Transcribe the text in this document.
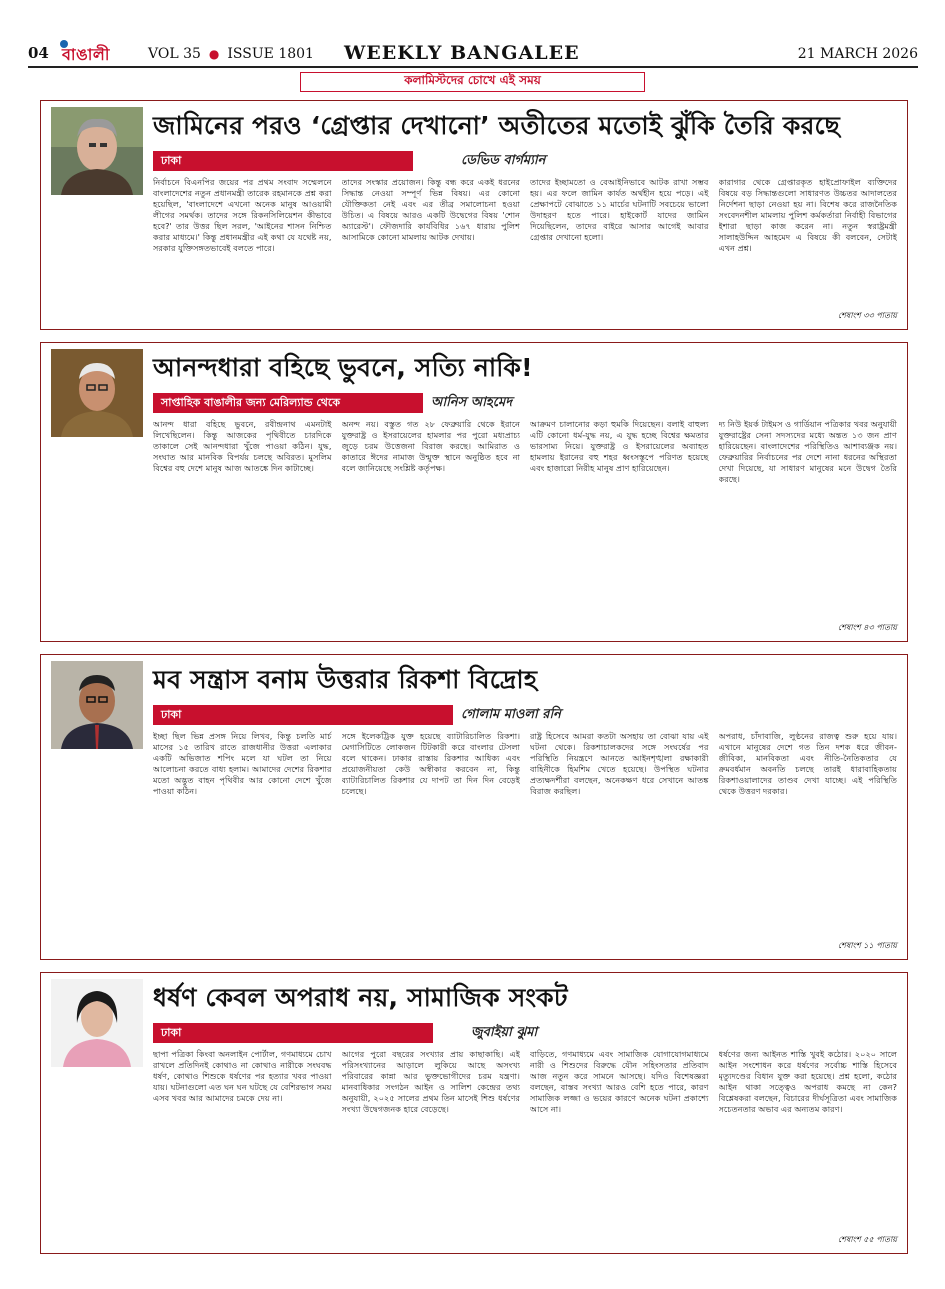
04 বাঙালী	VOL 35 ● ISSUE 1801 WEEKLY BANGALEE	21 MARCH 2026
কলামিস্টদের চোখে এই সময়
জামিনের পরও ‘গ্রেপ্তার দেখানো’ অতীতের মতোই ঝুঁকি তৈরি করছে
ঢাকা	ডেভিড বার্গম্যান

নির্বাচনে বিএনপির জয়ের পর প্রথম সংবাদ সম্মেলনে বাংলাদেশের নতুন প্রধানমন্ত্রী তারেক রহমানকে প্রশ্ন করা হয়েছিল, 'বাংলাদেশে এখনো অনেক মানুষ আওয়ামী লীগের সমর্থক। তাদের সঙ্গে রিকনসিলিয়েশন কীভাবে হবে?' তার উত্তর ছিল সরল, 'আইনের শাসন নিশ্চিত করার মাধ্যমে।' কিন্তু প্রধানমন্ত্রীর এই কথা যে যথেষ্ট নয়, সরকার যুক্তিসঙ্গতভাবেই বলতে পারে।

তাদের সংস্কার প্রয়োজন। কিন্তু বন্ধ করে একই ধরনের সিদ্ধান্ত নেওয়া সম্পূর্ণ ভিন্ন বিষয়। এর কোনো যৌক্তিকতা নেই এবং এর তীব্র সমালোচনা হওয়া উচিত। এ বিষয়ে আরও একটি উদ্বেগের বিষয় 'শোন অ্যারেস্ট'। ফৌজদারি কার্যবিধির ১৬৭ ধারায় পুলিশ আসামিকে কোনো মামলায় আটক দেখায়।

তাদের ইচ্ছামতো ও বেআইনিভাবে আটক রাখা সম্ভব হয়। এর ফলে জামিন কার্যত অর্থহীন হয়ে পড়ে। এই প্রেক্ষাপটে বোঝাতে ১১ মার্চের ঘটনাটি সবচেয়ে ভালো উদাহরণ হতে পারে। হাইকোর্ট যাদের জামিন দিয়েছিলেন, তাদের বাইরে আসার আগেই আবার গ্রেপ্তার দেখানো হলো।

কারাগার থেকে গ্রেপ্তারকৃত হাইপ্রোফাইল ব্যক্তিদের বিষয়ে বড় সিদ্ধান্তগুলো সাধারণত উচ্চতর আদালতের নির্দেশনা ছাড়া নেওয়া হয় না। বিশেষ করে রাজনৈতিক সংবেদনশীল মামলায় পুলিশ কর্মকর্তারা নির্বাহী বিভাগের ইশারা ছাড়া কাজ করেন না। নতুন স্বরাষ্ট্রমন্ত্রী সালাহউদ্দিন আহমেদ এ বিষয়ে কী বলবেন, সেটাই এখন প্রশ্ন।

শেষাংশ ৩৩ পাতায়
আনন্দধারা বহিছে ভুবনে, সত্যি নাকি!
সাপ্তাহিক বাঙালীর জন্য মেরিল্যান্ড থেকে	আনিস আহমেদ

আনন্দ ধারা বহিছে ভুবনে, রবীন্দ্রনাথ এমনটাই লিখেছিলেন। কিন্তু আজকের পৃথিবীতে চারদিকে তাকালে সেই আনন্দধারা খুঁজে পাওয়া কঠিন। যুদ্ধ, সংঘাত আর মানবিক বিপর্যয় চলছে অবিরত। মুসলিম বিশ্বের বহু দেশে মানুষ আজ আতঙ্কে দিন কাটাচ্ছে।

অনন্দ নয়। বস্তুত গত ২৮ ফেব্রুয়ারি থেকে ইরানে যুক্তরাষ্ট্র ও ইসরায়েলের হামলার পর পুরো মধ্যপ্রাচ্য জুড়ে চরম উত্তেজনা বিরাজ করছে। আমিরাত ও কাতারে ঈদের নামাজ উন্মুক্ত স্থানে অনুষ্ঠিত হবে না বলে জানিয়েছে সংশ্লিষ্ট কর্তৃপক্ষ।

আক্রমণ চালানোর কড়া হুমকি দিয়েছেন। বলাই বাহুল্য এটি কোনো ধর্ম-যুদ্ধ নয়, এ যুদ্ধ হচ্ছে বিশ্বের ক্ষমতার ভারসাম্য নিয়ে। যুক্তরাষ্ট্র ও ইসরায়েলের অব্যাহত হামলায় ইরানের বহু শহর ধ্বংসস্তূপে পরিণত হয়েছে এবং হাজারো নিরীহ মানুষ প্রাণ হারিয়েছেন।

দ্য নিউ ইয়র্ক টাইমস ও গার্ডিয়ান পত্রিকার খবর অনুযায়ী যুক্তরাষ্ট্রের সেনা সদস্যদের মধ্যে অন্তত ১৩ জন প্রাণ হারিয়েছেন। বাংলাদেশের পরিস্থিতিও আশাব্যঞ্জক নয়। ফেব্রুয়ারির নির্বাচনের পর দেশে নানা ধরনের অস্থিরতা দেখা দিয়েছে, যা সাধারণ মানুষের মনে উদ্বেগ তৈরি করছে।

শেষাংশ ৪৩ পাতায়
মব সন্ত্রাস বনাম উত্তরার রিকশা বিদ্রোহ
ঢাকা	গোলাম মাওলা রনি

ইচ্ছা ছিল ভিন্ন প্রসঙ্গ নিয়ে লিখব, কিন্তু চলতি মার্চ মাসের ১৫ তারিখ রাতে রাজধানীর উত্তরা এলাকার একটি অভিজাত শপিং মলে যা ঘটল তা নিয়ে আলোচনা করতে বাধ্য হলাম। আমাদের দেশের রিকশার মতো অদ্ভুত বাহন পৃথিবীর আর কোনো দেশে খুঁজে পাওয়া কঠিন।

সঙ্গে ইলেকট্রিক যুক্ত হয়েছে ব্যাটারিচালিত রিকশা। মেগাসিটিতে লোকজন টিটকারী করে বাংলার টেসলা বলে থাকেন। ঢাকার রাস্তায় রিকশার আধিক্য এবং প্রয়োজনীয়তা কেউ অস্বীকার করবেন না, কিন্তু ব্যাটারিচালিত রিকশার যে দাপট তা দিন দিন বেড়েই চলেছে।

রাষ্ট্র হিসেবে আমরা কতটা অসহায় তা বোঝা যায় এই ঘটনা থেকে। রিকশাচালকদের সঙ্গে সংঘর্ষের পর পরিস্থিতি নিয়ন্ত্রণে আনতে আইনশৃঙ্খলা রক্ষাকারী বাহিনীকে হিমশিম খেতে হয়েছে। উপস্থিত ঘটনার প্রত্যক্ষদর্শীরা বলছেন, অনেকক্ষণ ধরে সেখানে আতঙ্ক বিরাজ করছিল।

অপরাধ, চাঁদাবাজি, লুণ্ঠনের রাজত্ব শুরু হয়ে যায়। এখানে মানুষের দেশে গত তিন দশক ধরে জীবন-জীবিকা, মানবিকতা এবং নীতি-নৈতিকতার যে ক্রমবর্ধমান অবনতি চলছে তারই ধারাবাহিকতায় রিকশাওয়ালাদের তাণ্ডব দেখা যাচ্ছে। এই পরিস্থিতি থেকে উত্তরণ দরকার।

শেষাংশ ১১ পাতায়
ধর্ষণ কেবল অপরাধ নয়, সামাজিক সংকট
ঢাকা	জুবাইয়া ঝুমা

ছাপা পত্রিকা কিংবা অনলাইন পোর্টাল, গণমাধ্যমে চোখ রাখলে প্রতিদিনই কোথাও না কোথাও নারীকে সংঘবদ্ধ ধর্ষণ, কোথাও শিশুকে ধর্ষণের পর হত্যার খবর পাওয়া যায়। ঘটনাগুলো এত ঘন ঘন ঘটছে যে বেশিরভাগ সময় এসব খবর আর আমাদের চমকে দেয় না।

আগের পুরো বছরের সংখ্যার প্রায় কাছাকাছি। এই পরিসংখ্যানের আড়ালে লুকিয়ে আছে অসংখ্য পরিবারের কান্না আর ভুক্তভোগীদের চরম যন্ত্রণা। মানবাধিকার সংগঠন আইন ও সালিশ কেন্দ্রের তথ্য অনুযায়ী, ২০২৫ সালের প্রথম তিন মাসেই শিশু ধর্ষণের সংখ্যা উদ্বেগজনক হারে বেড়েছে।

বাড়িতে, গণমাধ্যমে এবং সামাজিক যোগাযোগমাধ্যমে নারী ও শিশুদের বিরুদ্ধে যৌন সহিংসতার প্রতিবাদ আজ নতুন করে সামনে আসছে। যদিও বিশেষজ্ঞরা বলছেন, বাস্তব সংখ্যা আরও বেশি হতে পারে, কারণ সামাজিক লজ্জা ও ভয়ের কারণে অনেক ঘটনা প্রকাশ্যে আসে না।

ধর্ষণের জন্য আইনত শাস্তি খুবই কঠোর। ২০২০ সালে আইন সংশোধন করে ধর্ষণের সর্বোচ্চ শাস্তি হিসেবে মৃত্যুদণ্ডের বিধান যুক্ত করা হয়েছে। প্রশ্ন হলো, কঠোর আইন থাকা সত্ত্বেও অপরাধ কমছে না কেন? বিশ্লেষকরা বলছেন, বিচারের দীর্ঘসূত্রিতা এবং সামাজিক সচেতনতার অভাব এর অন্যতম কারণ।

শেষাংশ ৫৫ পাতায়
